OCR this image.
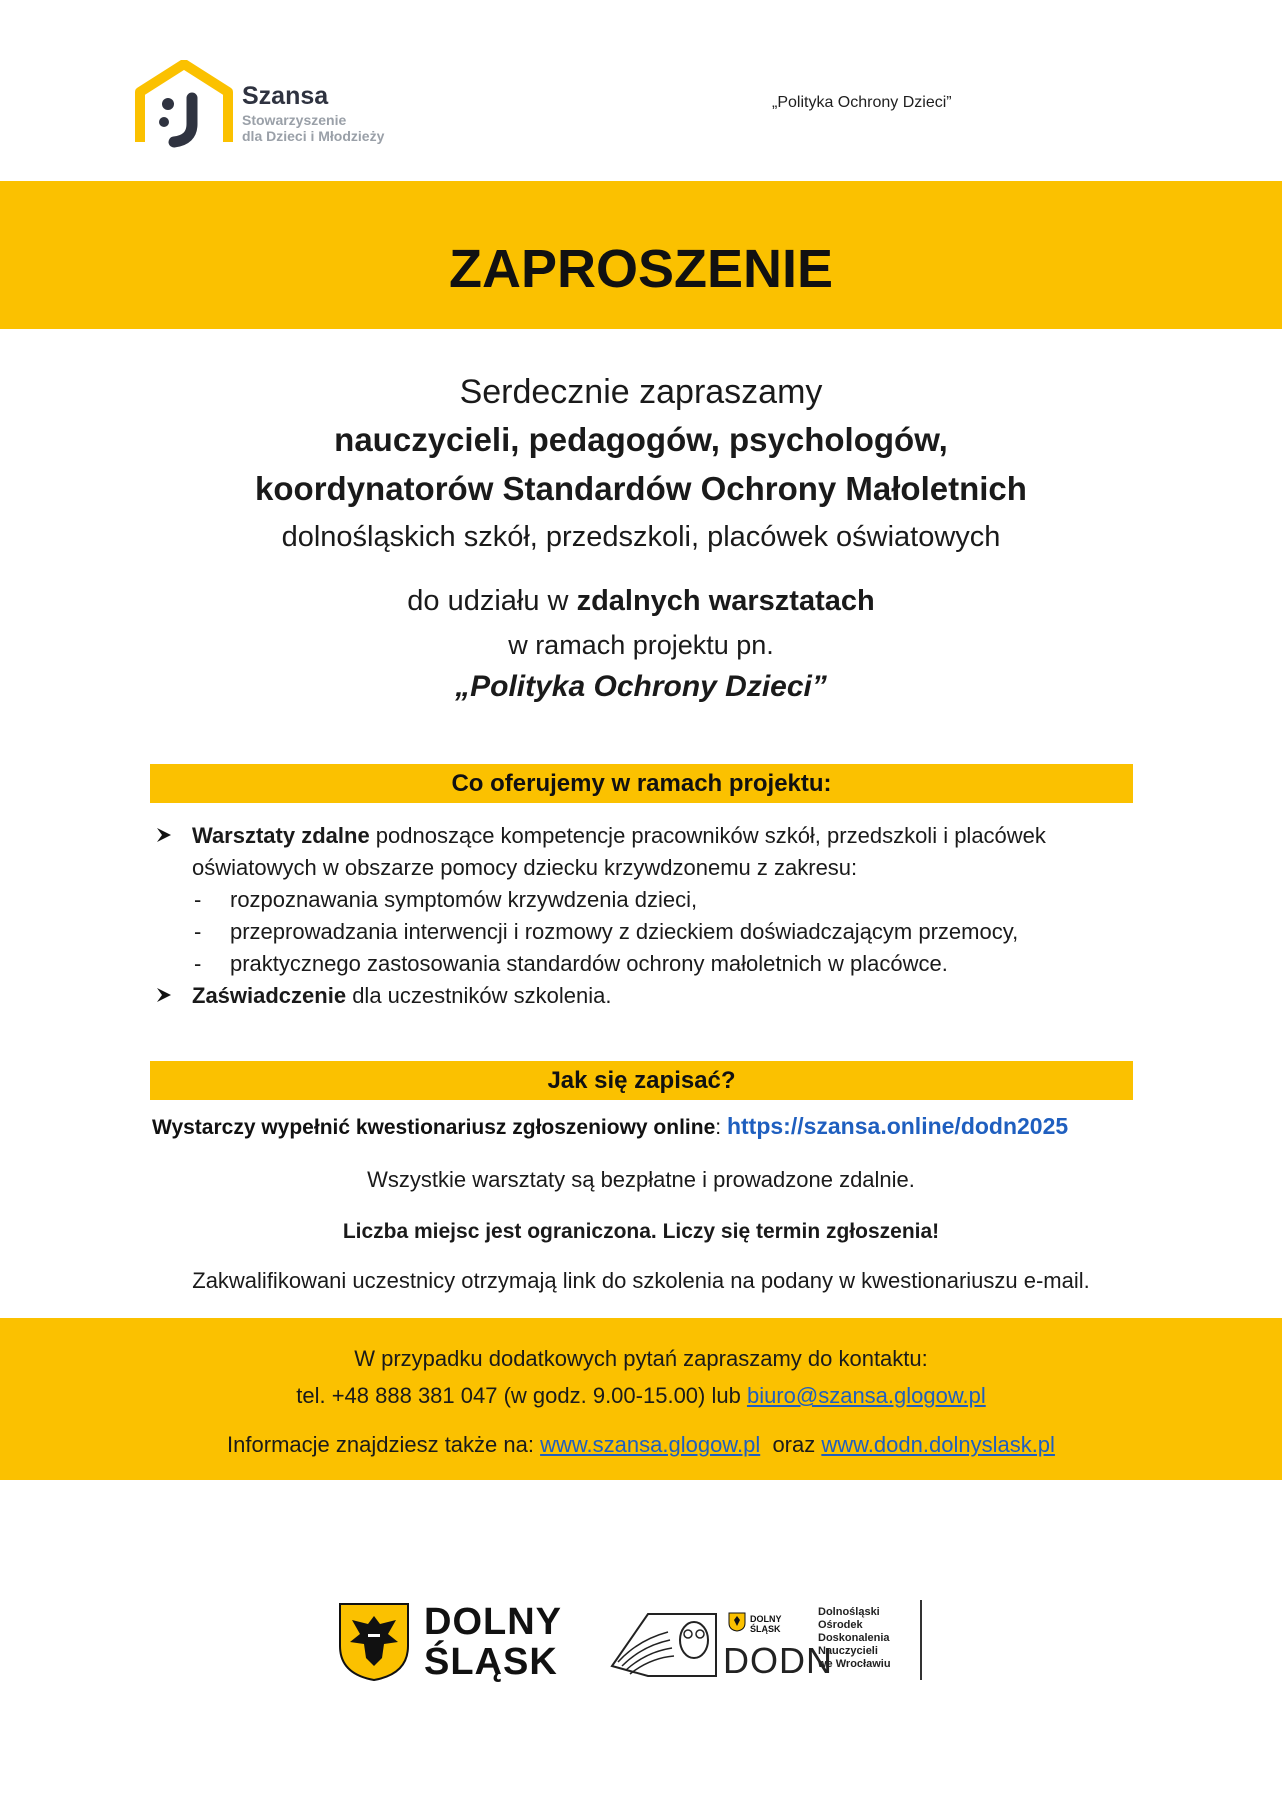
Szansa
Stowarzyszenie
dla Dzieci i Młodzieży
„Polityka Ochrony Dzieci”
ZAPROSZENIE
Serdecznie zapraszamy
nauczycieli, pedagogów, psychologów,
koordynatorów Standardów Ochrony Małoletnich
dolnośląskich szkół, przedszkoli, placówek oświatowych
do udziału w zdalnych warsztatach
w ramach projektu pn.
„Polityka Ochrony Dzieci”
Co oferujemy w ramach projektu:
Warsztaty zdalne podnoszące kompetencje pracowników szkół, przedszkoli i placówek oświatowych w obszarze pomocy dziecku krzywdzonemu z zakresu:
- rozpoznawania symptomów krzywdzenia dzieci,
- przeprowadzania interwencji i rozmowy z dzieckiem doświadczającym przemocy,
- praktycznego zastosowania standardów ochrony małoletnich w placówce.
Zaświadczenie dla uczestników szkolenia.
Jak się zapisać?
Wystarczy wypełnić kwestionariusz zgłoszeniowy online: https://szansa.online/dodn2025
Wszystkie warsztaty są bezpłatne i prowadzone zdalnie.
Liczba miejsc jest ograniczona. Liczy się termin zgłoszenia!
Zakwalifikowani uczestnicy otrzymają link do szkolenia na podany w kwestionariuszu e-mail.
W przypadku dodatkowych pytań zapraszamy do kontaktu:
tel. +48 888 381 047 (w godz. 9.00-15.00) lub biuro@szansa.glogow.pl
Informacje znajdziesz także na: www.szansa.glogow.pl  oraz www.dodn.dolnyslask.pl
DOLNY
ŚLĄSK
DOLNY
ŚLĄSK
DODN
Dolnośląski
Ośrodek
Doskonalenia
Nauczycieli
we Wrocławiu
